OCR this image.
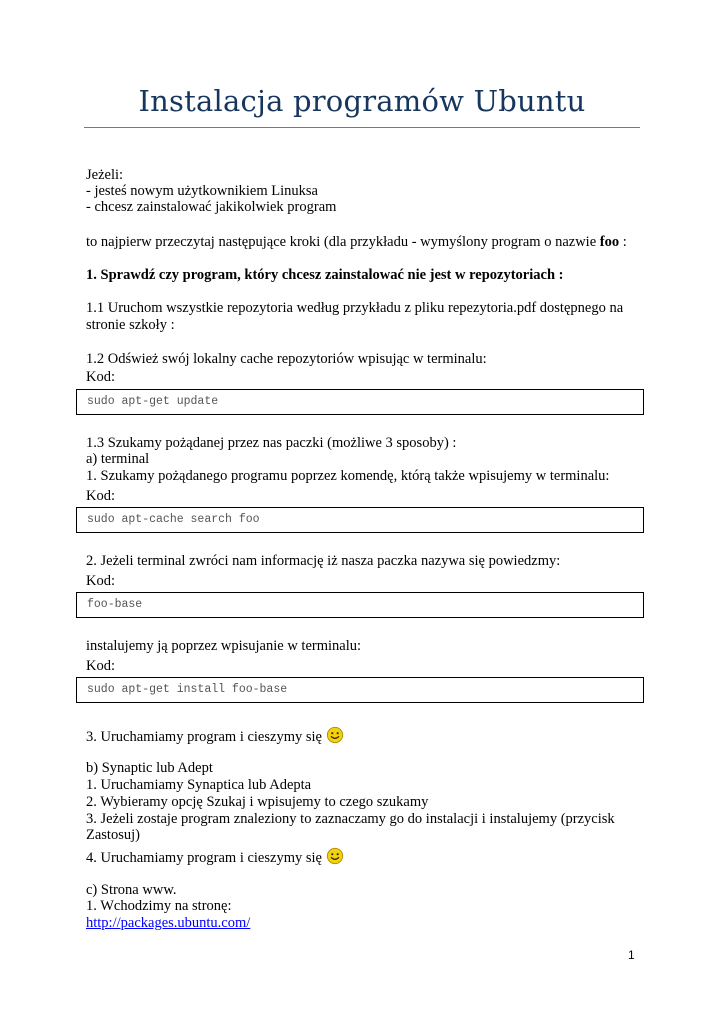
Instalacja programów Ubuntu
Jeżeli:
- jesteś nowym użytkownikiem Linuksa
- chcesz zainstalować jakikolwiek program
to najpierw przeczytaj następujące kroki (dla przykładu - wymyślony program o nazwie foo :
1. Sprawdź czy program, który chcesz zainstalować nie jest w repozytoriach :
1.1 Uruchom wszystkie repozytoria według przykładu z pliku repezytoria.pdf dostępnego na
stronie szkoły :
1.2 Odśwież swój lokalny cache repozytoriów wpisując w terminalu:
Kod:
sudo apt-get update
1.3 Szukamy pożądanej przez nas paczki (możliwe 3 sposoby) :
a) terminal
1. Szukamy pożądanego programu poprzez komendę, którą także wpisujemy w terminalu:
Kod:
sudo apt-cache search foo
2. Jeżeli terminal zwróci nam informację iż nasza paczka nazywa się powiedzmy:
Kod:
foo-base
instalujemy ją poprzez wpisujanie w terminalu:
Kod:
sudo apt-get install foo-base
3. Uruchamiamy program i cieszymy się
b) Synaptic lub Adept
1. Uruchamiamy Synaptica lub Adepta
2. Wybieramy opcję Szukaj i wpisujemy to czego szukamy
3. Jeżeli zostaje program znaleziony to zaznaczamy go do instalacji i instalujemy (przycisk
Zastosuj)
4. Uruchamiamy program i cieszymy się
c) Strona www.
1. Wchodzimy na stronę:
http://packages.ubuntu.com/
1
